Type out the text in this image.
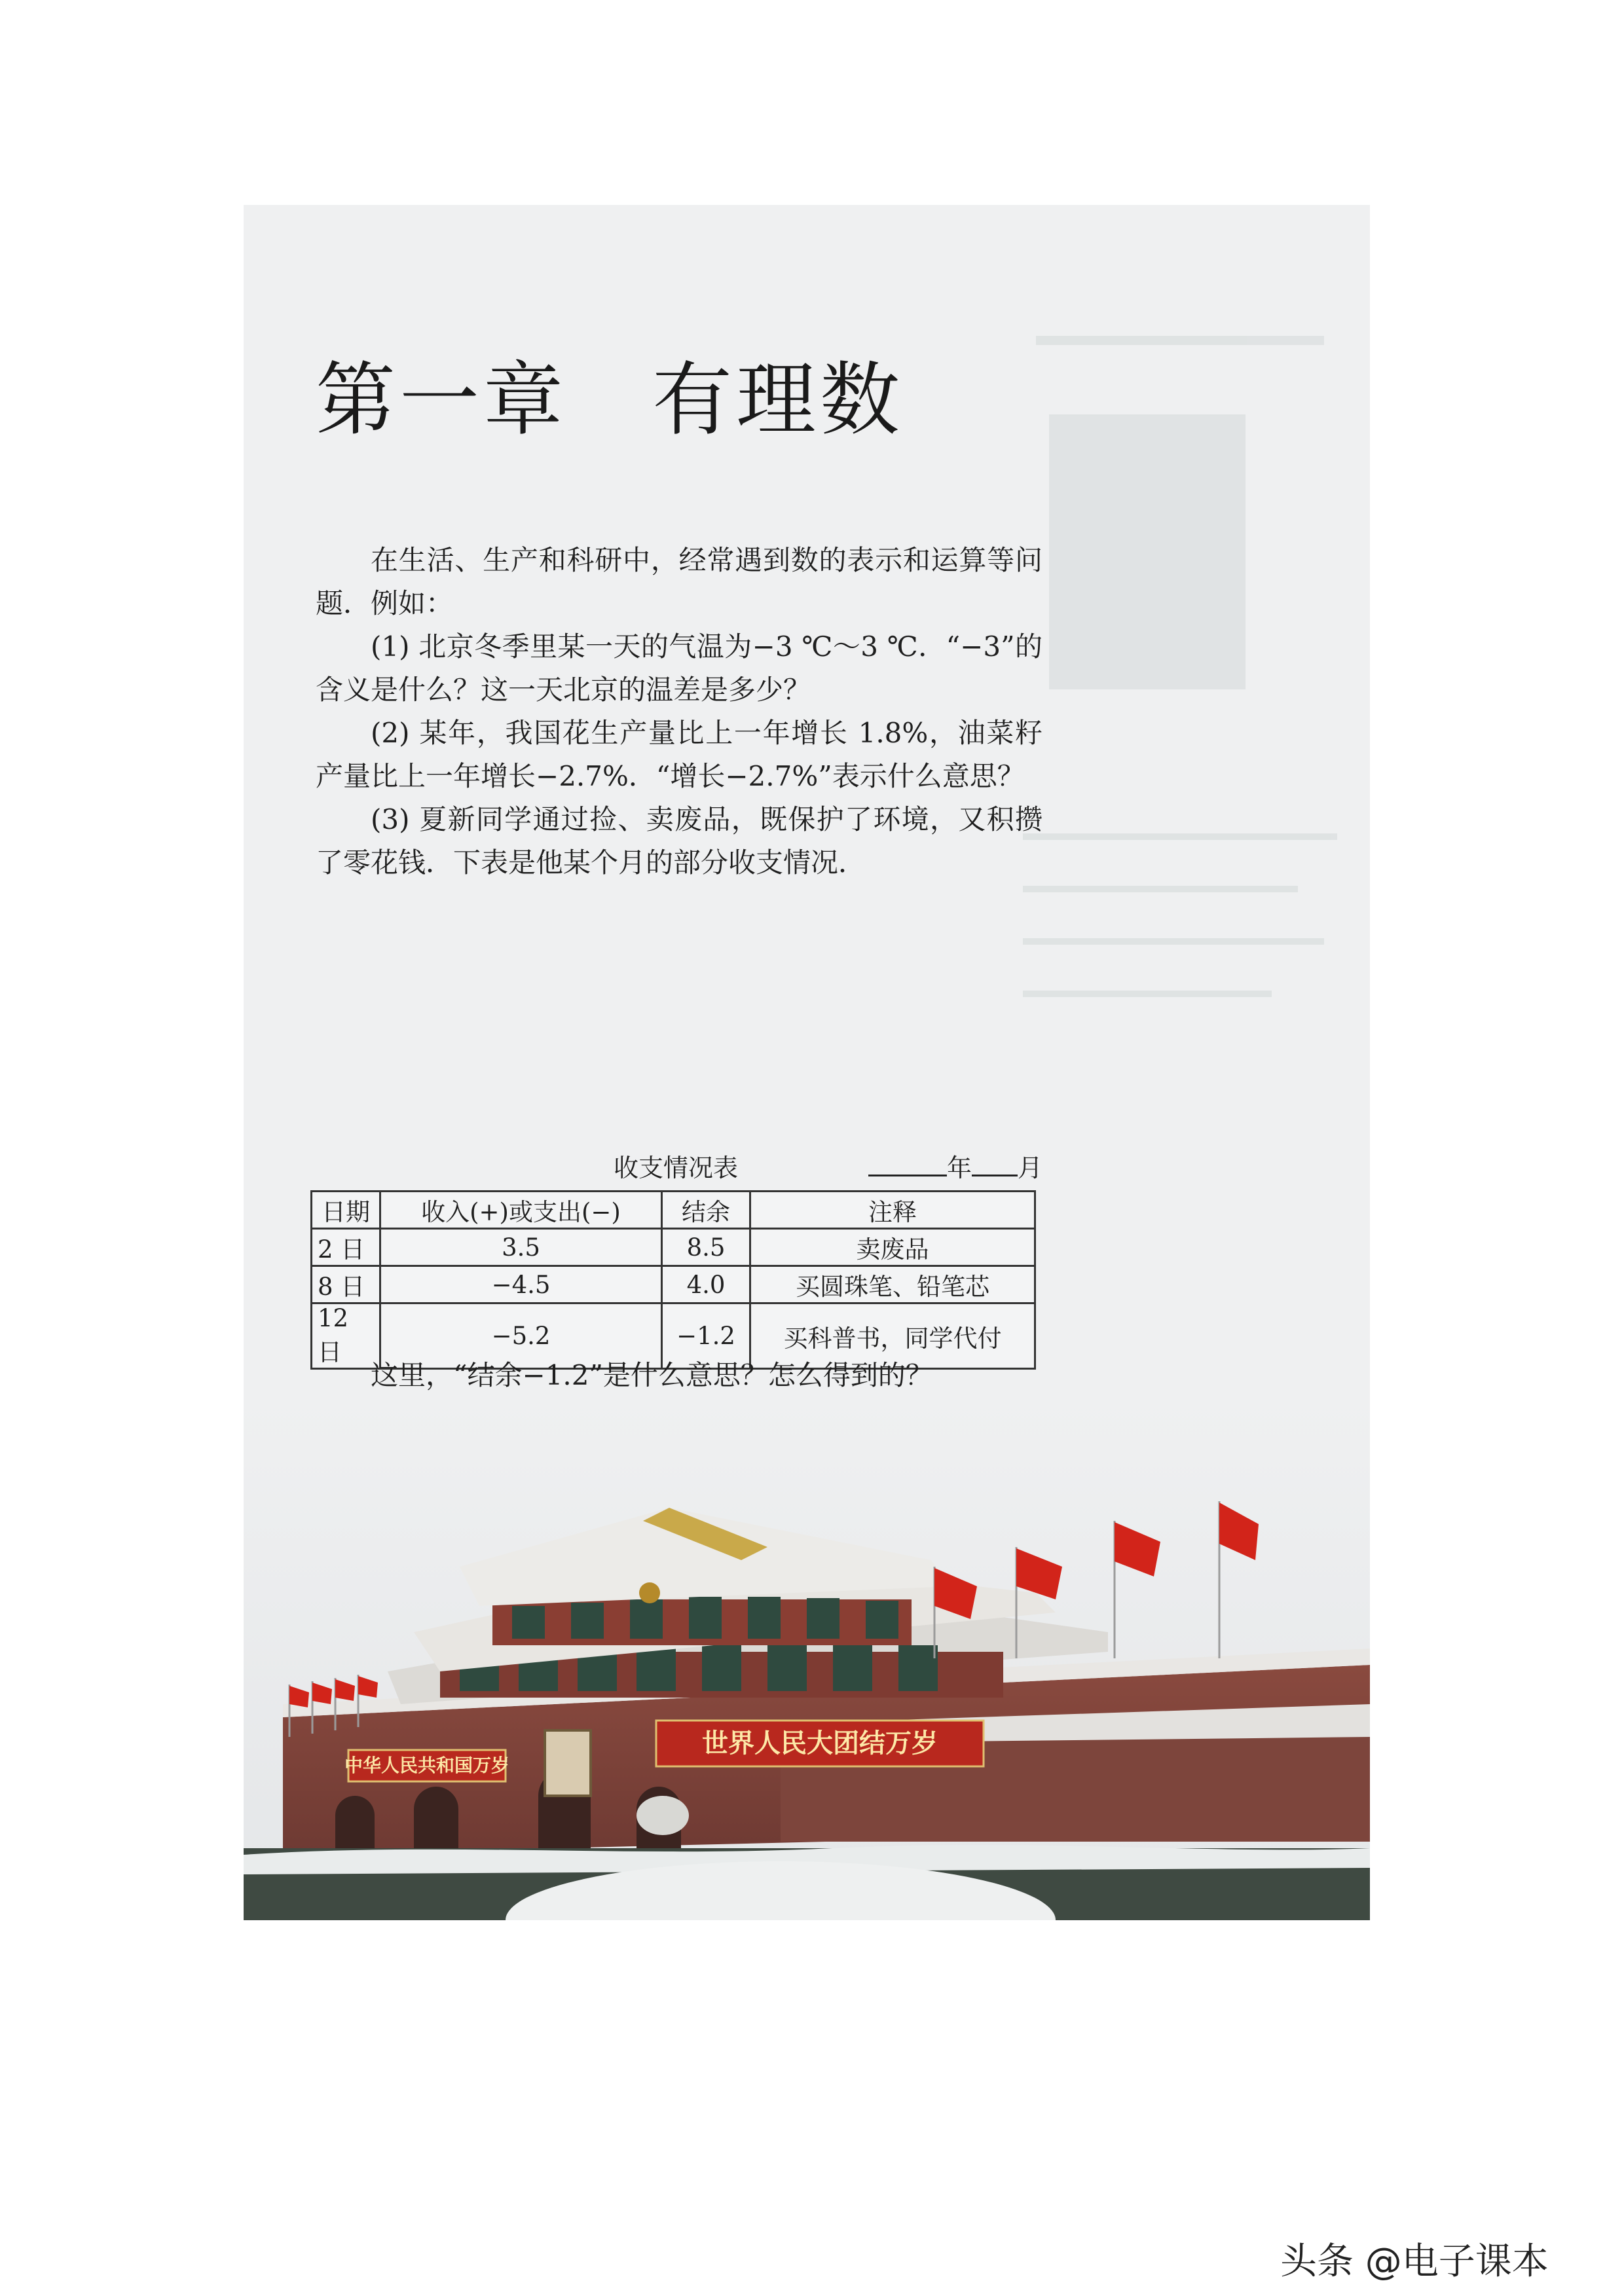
第一章 有理数

在生活、生产和科研中，经常遇到数的表示和运算等问题．例如：

(1) 北京冬季里某一天的气温为−3 ℃～3 ℃．“−3”的含义是什么？这一天北京的温差是多少？

(2) 某年，我国花生产量比上一年增长 1.8%，油菜籽产量比上一年增长−2.7%．“增长−2.7%”表示什么意思？

(3) 夏新同学通过捡、卖废品，既保护了环境，又积攒了零花钱．下表是他某个月的部分收支情况．

收支情况表	年 月
日期	收入(+)或支出(−)	结余	注释
2 日	3.5	8.5	卖废品
8 日	−4.5	4.0	买圆珠笔、铅笔芯
12 日	−5.2	−1.2	买科普书，同学代付

这里，“结余−1.2”是什么意思？怎么得到的？

中华人民共和国万岁
世界人民大团结万岁
头条 @电子课本
